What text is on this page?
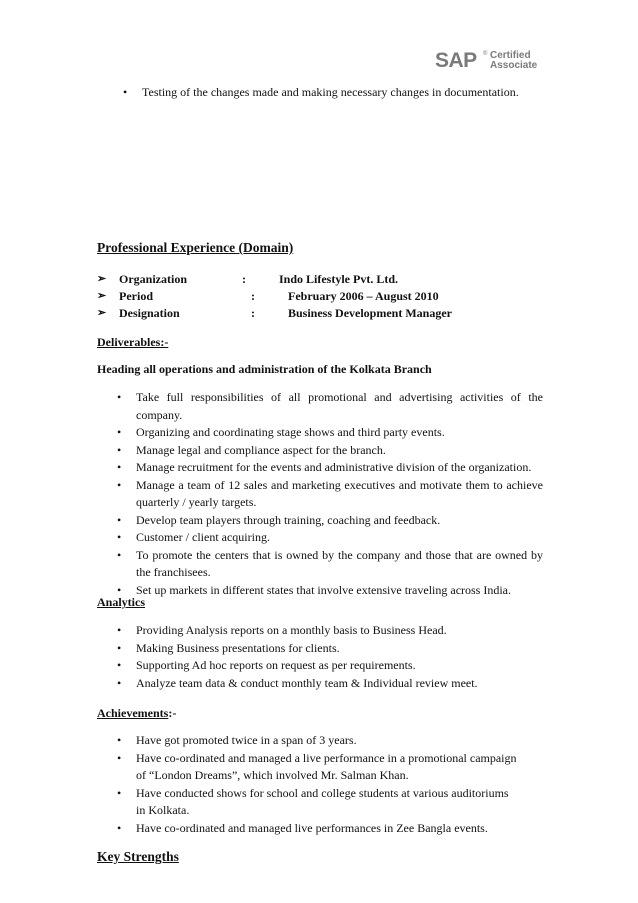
SAP ® Certified
Associate
• Testing of the changes made and making necessary changes in documentation.
Professional Experience (Domain)
➢ Organization	:	Indo Lifestyle Pvt. Ltd.
➢ Period	:	February 2006 – August 2010
➢ Designation	:	Business Development Manager
Deliverables:-
Heading all operations and administration of the Kolkata Branch
• Take full responsibilities of all promotional and advertising activities of the company.
• Organizing and coordinating stage shows and third party events.
• Manage legal and compliance aspect for the branch.
• Manage recruitment for the events and administrative division of the organization.
• Manage a team of 12 sales and marketing executives and motivate them to achieve quarterly / yearly targets.
• Develop team players through training, coaching and feedback.
• Customer / client acquiring.
• To promote the centers that is owned by the company and those that are owned by the franchisees.
• Set up markets in different states that involve extensive traveling across India.
Analytics
• Providing Analysis reports on a monthly basis to Business Head.
• Making Business presentations for clients.
• Supporting Ad hoc reports on request as per requirements.
• Analyze team data & conduct monthly team & Individual review meet.
Achievements:-
• Have got promoted twice in a span of 3 years.
• Have co-ordinated and managed a live performance in a promotional campaign of “London Dreams”, which involved Mr. Salman Khan.
• Have conducted shows for school and college students at various auditoriums in Kolkata.
• Have co-ordinated and managed live performances in Zee Bangla events.
Key Strengths
